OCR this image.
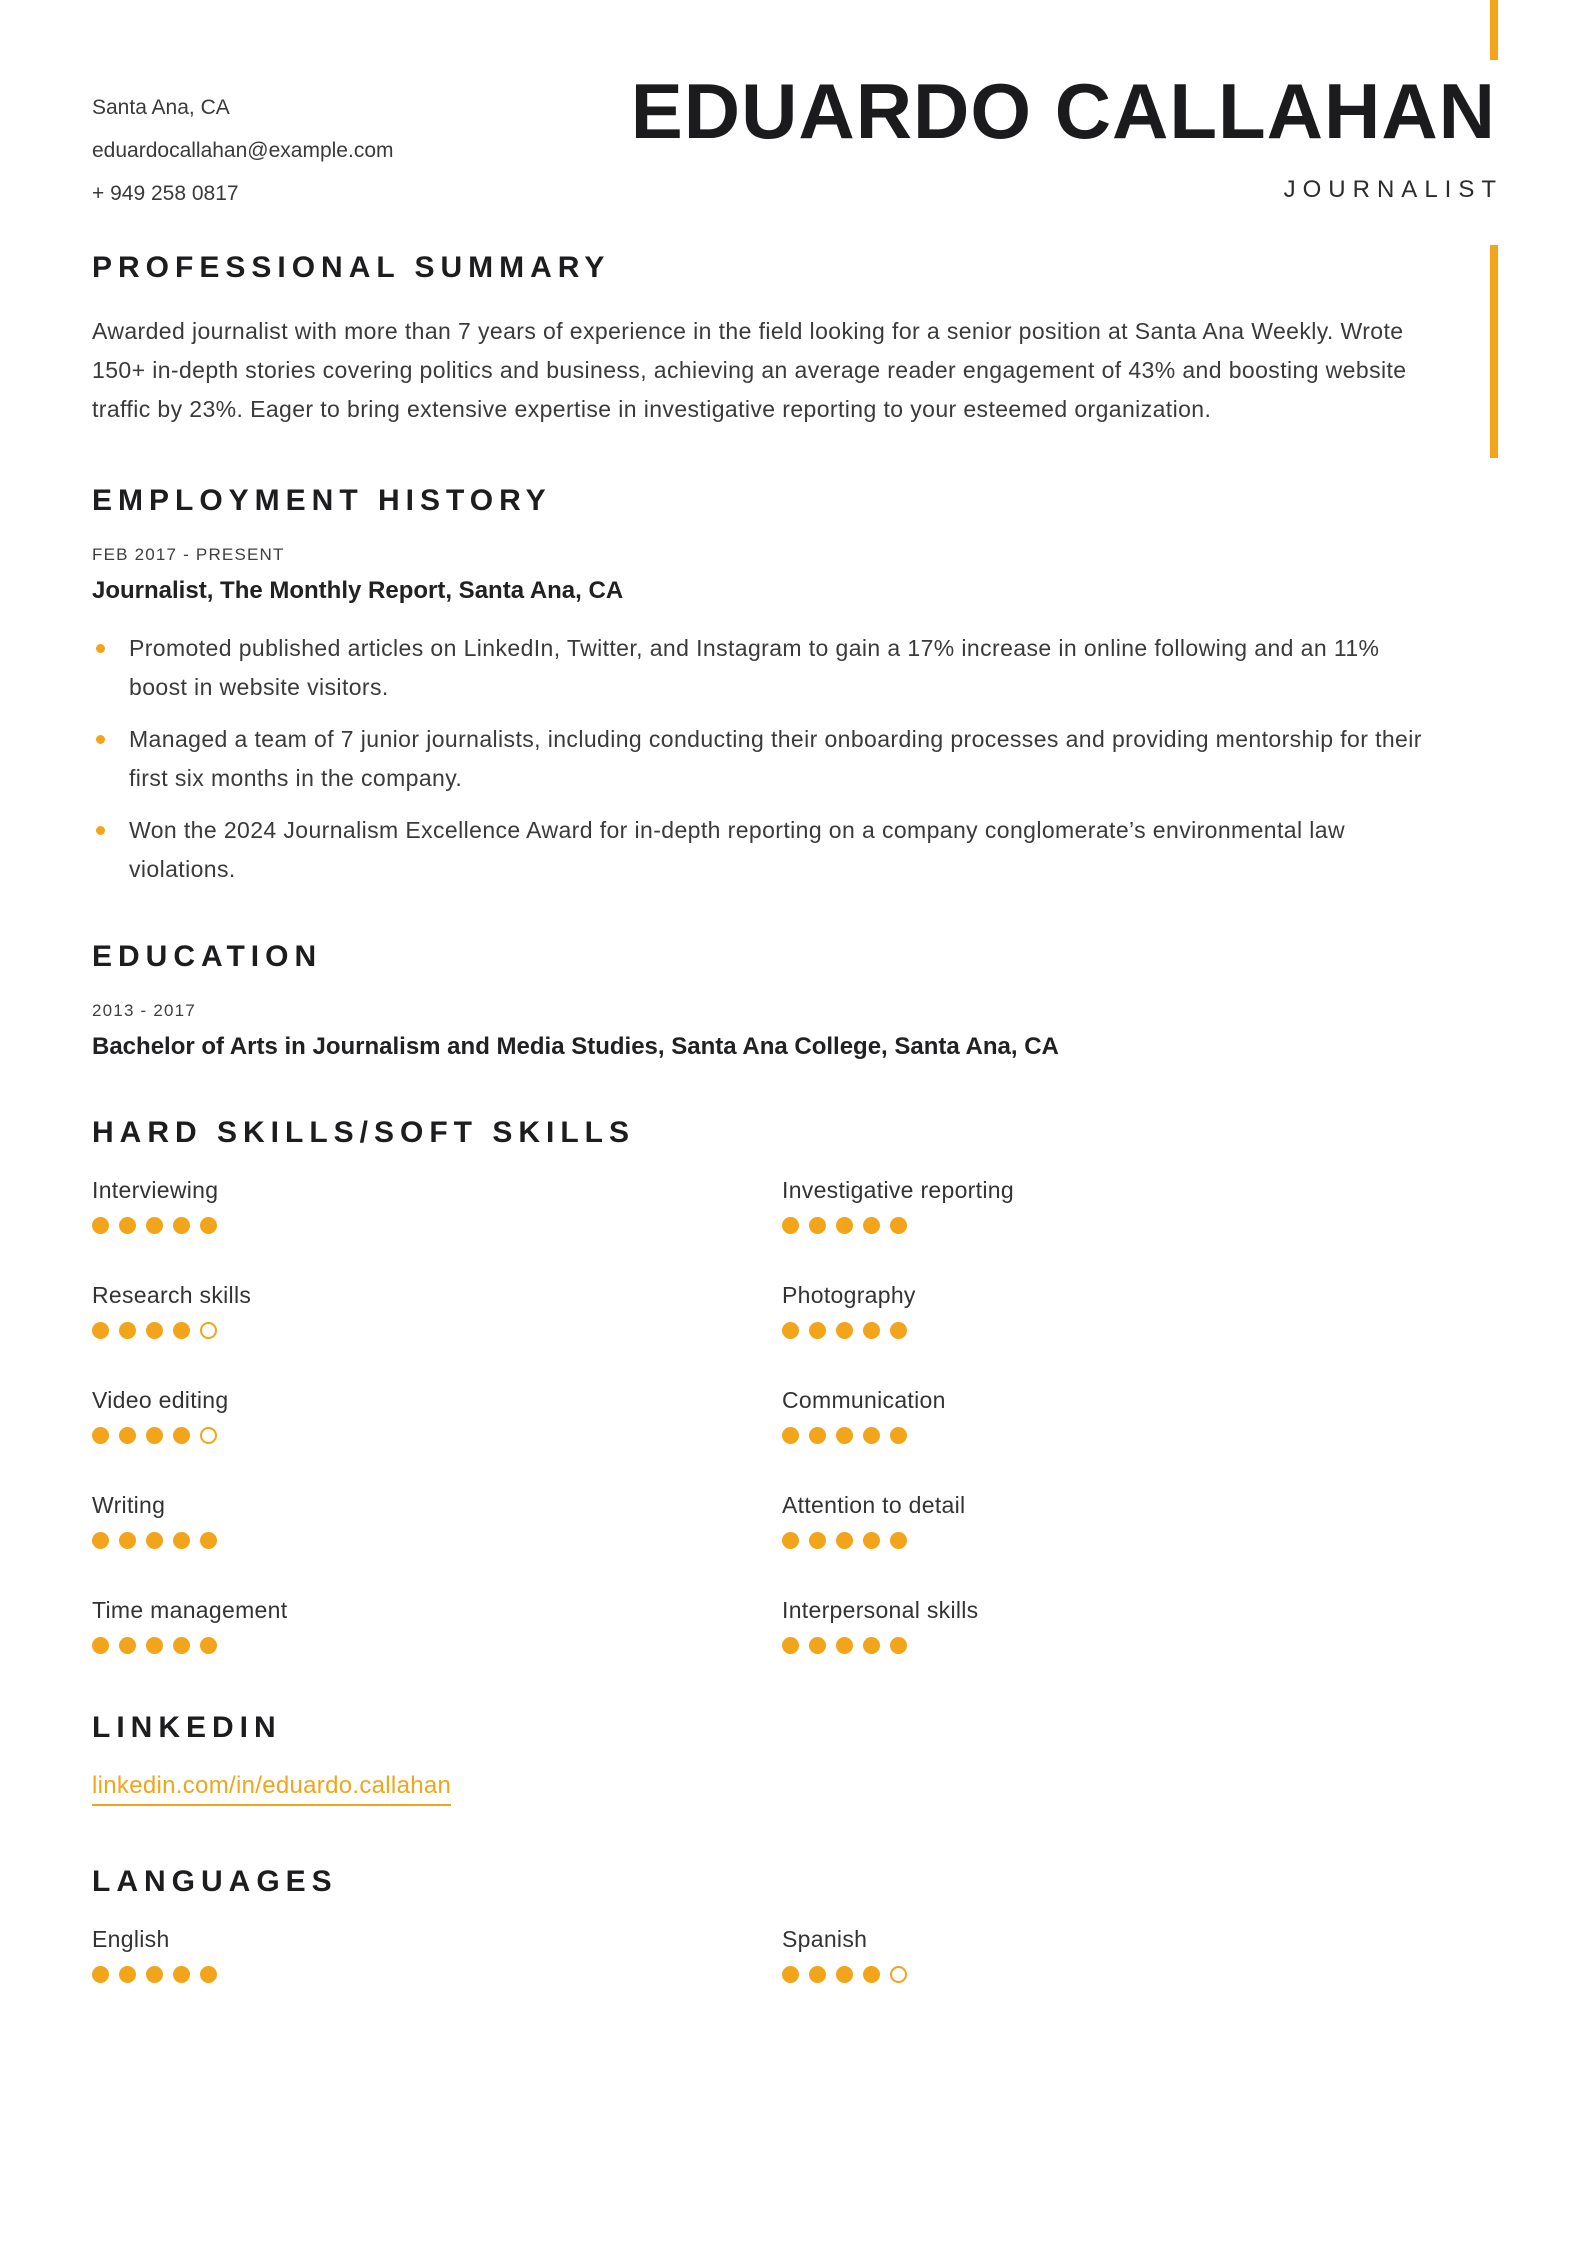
Santa Ana, CA
eduardocallahan@example.com
+ 949 258 0817
EDUARDO CALLAHAN
JOURNALIST
PROFESSIONAL SUMMARY

Awarded journalist with more than 7 years of experience in the field looking for a senior position at Santa Ana Weekly. Wrote 150+ in-depth stories covering politics and business, achieving an average reader engagement of 43% and boosting website traffic by 23%. Eager to bring extensive expertise in investigative reporting to your esteemed organization.

EMPLOYMENT HISTORY
FEB 2017 - PRESENT
Journalist, The Monthly Report, Santa Ana, CA
Promoted published articles on LinkedIn, Twitter, and Instagram to gain a 17% increase in online following and an 11% boost in website visitors.
Managed a team of 7 junior journalists, including conducting their onboarding processes and providing mentorship for their first six months in the company.
Won the 2024 Journalism Excellence Award for in-depth reporting on a company conglomerate’s environmental law violations.
EDUCATION
2013 - 2017
Bachelor of Arts in Journalism and Media Studies, Santa Ana College, Santa Ana, CA
HARD SKILLS/SOFT SKILLS
Interviewing	Investigative reporting
Research skills	Photography
Video editing	Communication
Writing	Attention to detail
Time management	Interpersonal skills
LINKEDIN
linkedin.com/in/eduardo.callahan
LANGUAGES
English	Spanish
